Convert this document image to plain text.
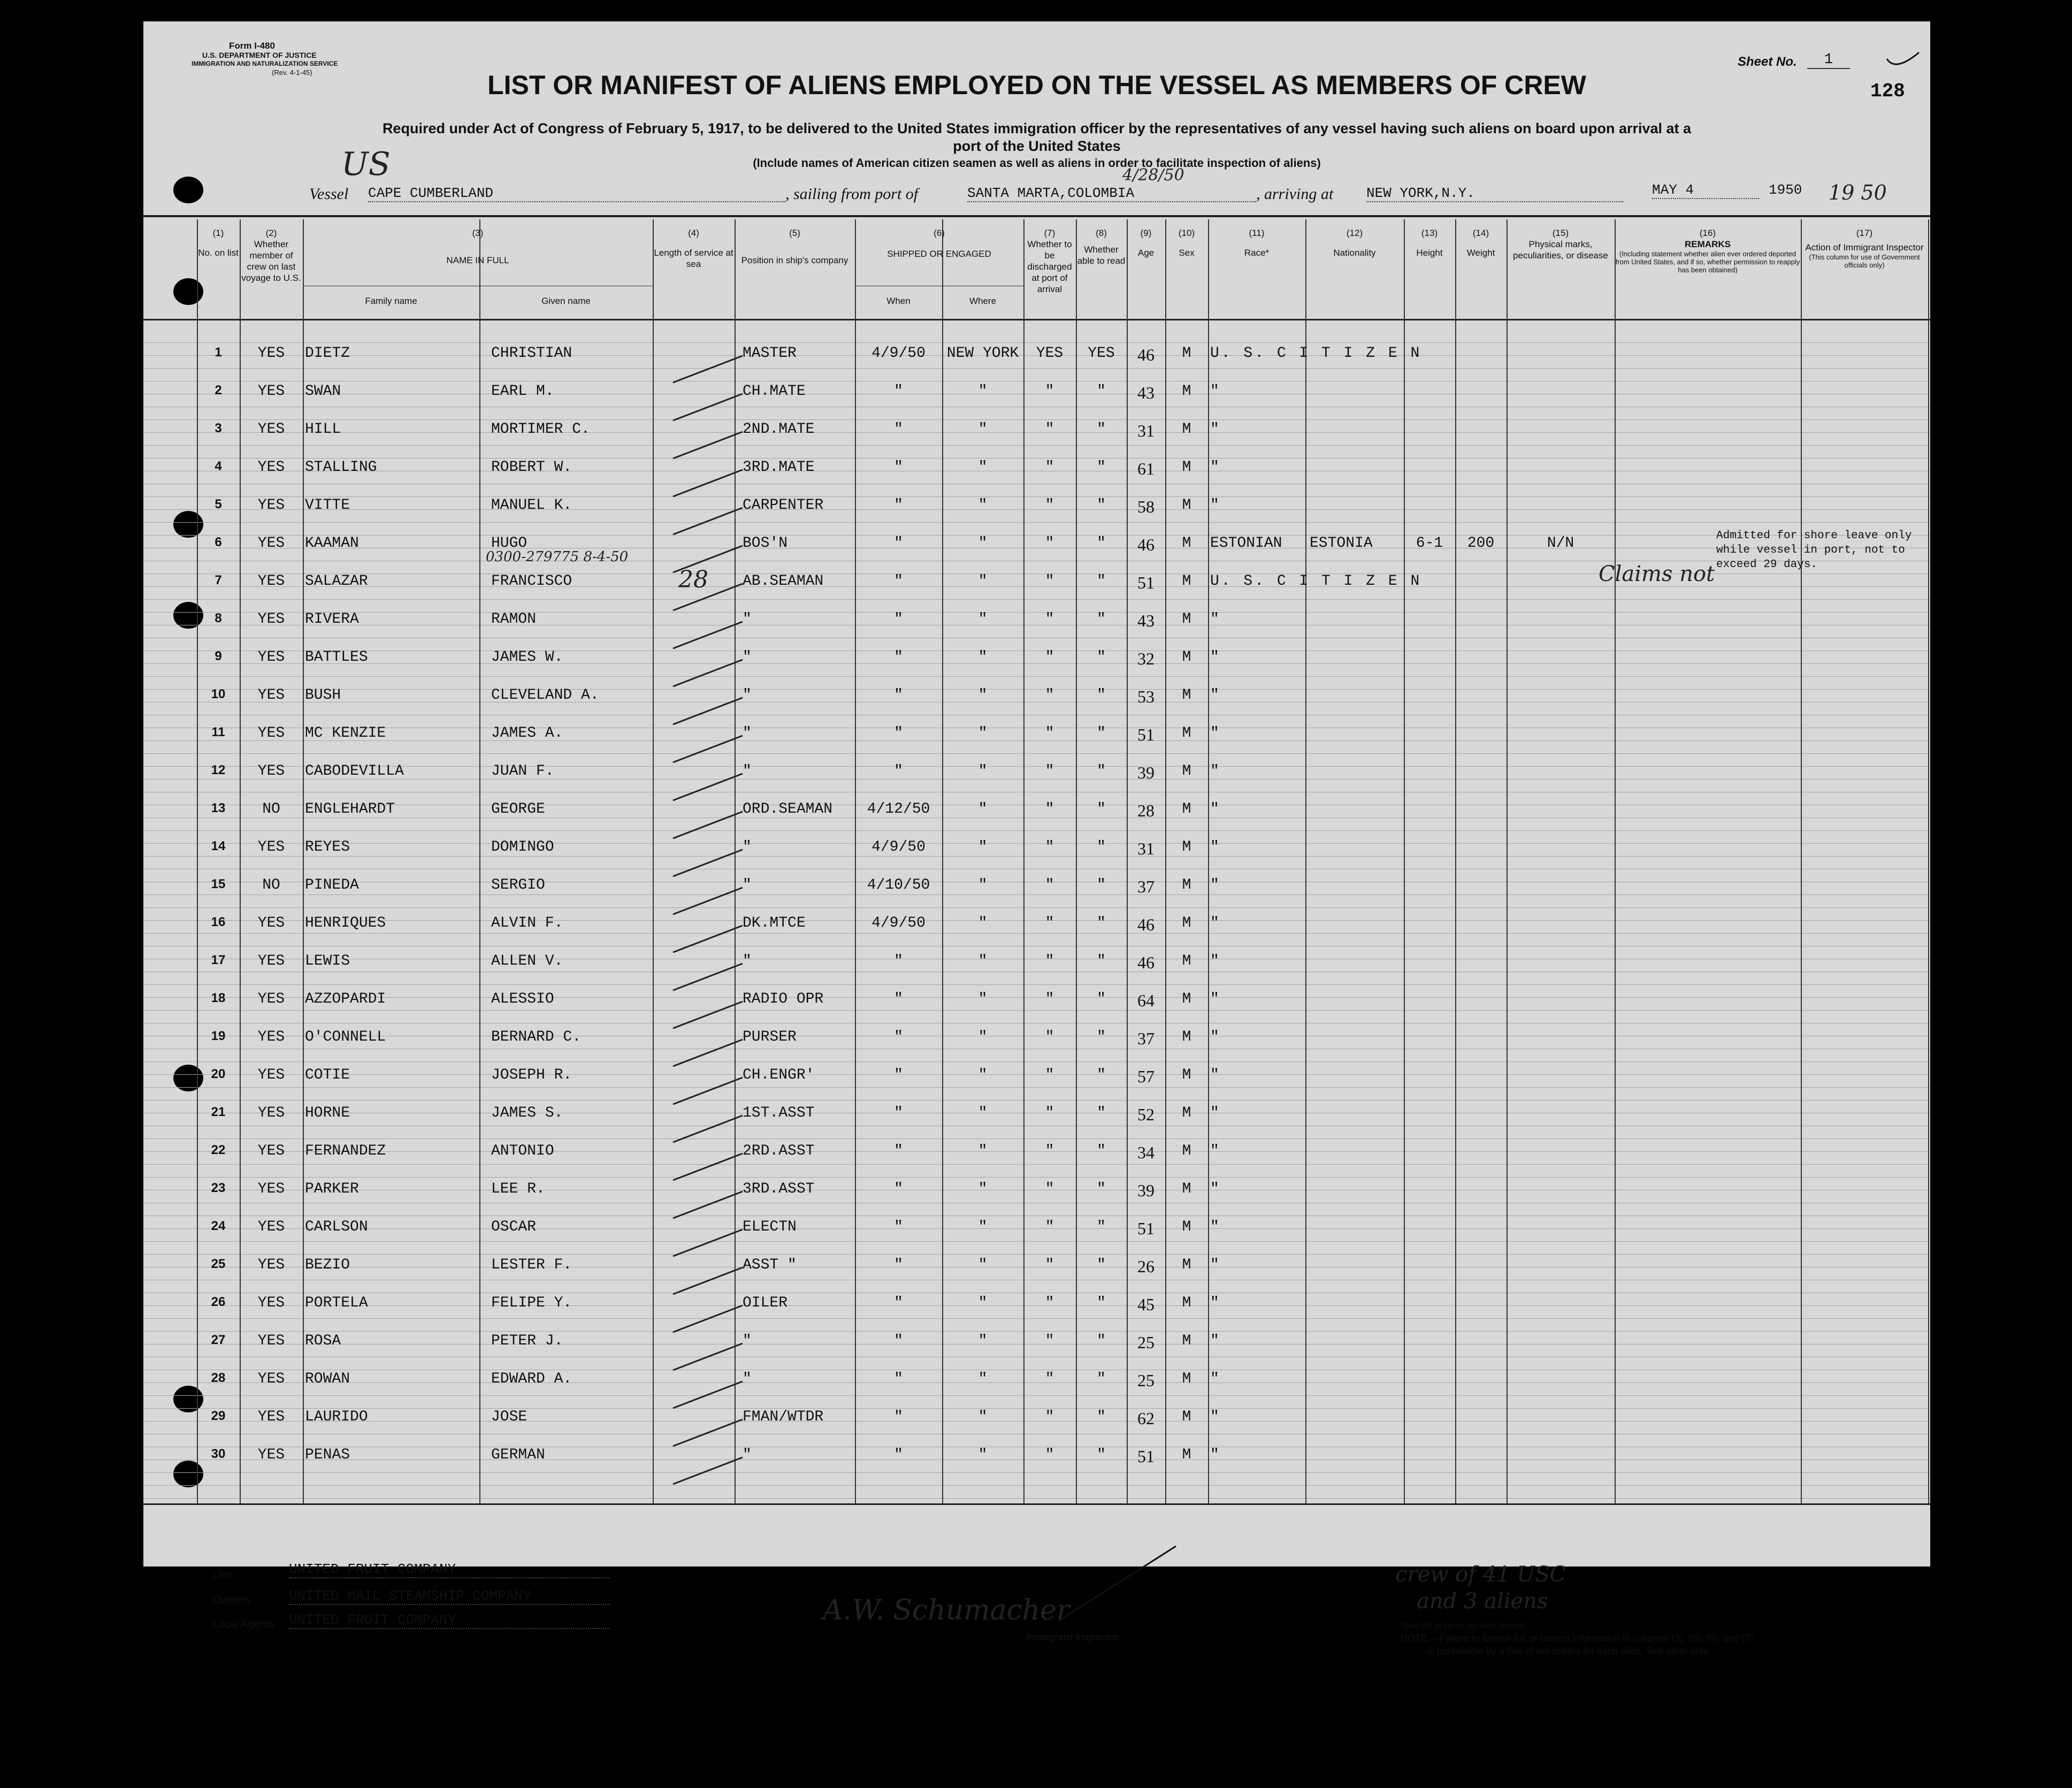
Form I-480
U.S. DEPARTMENT OF JUSTICE
IMMIGRATION AND NATURALIZATION SERVICE
(Rev. 4-1-45)
Sheet No.	1
128
LIST OR MANIFEST OF ALIENS EMPLOYED ON THE VESSEL AS MEMBERS OF CREW
Required under Act of Congress of February 5, 1917, to be delivered to the United States immigration officer by the representatives of any vessel having such aliens on board upon arrival at a
port of the United States
(Include names of American citizen seamen as well as aliens in order to facilitate inspection of aliens)
US
Vessel CAPE CUMBERLAND	, sailing from port of	SANTA MARTA,COLOMBIA
4/28/50
, arriving at NEW YORK,N.Y.	MAY 4	1950 19 50
(1)
No. on list
(2)
Whether member of crew on last voyage to U.S.
(3)
NAME IN FULL
Family name	Given name
(4)
Length of service at sea
(5)
Position in ship's company
(6)
SHIPPED OR ENGAGED
When	Where
(7)
Whether to be discharged at port of arrival
(8)
Whether able to read
(9)
Age
(10)
Sex
(11)
Race*
(12)
Nationality
(13)
Height
(14)
Weight
(15)
Physical marks, peculiarities, or disease
(16)
REMARKS
(Including statement whether alien ever ordered deported from United States, and if so, whether permission to reapply has been obtained)
(17)
Action of Immigrant Inspector
(This column for use of Government officials only)
1	YES	DIETZ	CHRISTIAN	MASTER	4/9/50	NEW YORK	YES	YES	46	M	U. S. C I T I Z E N
2	YES	SWAN	EARL M.	CH.MATE	"	"	"	"	43	M	"
3	YES	HILL	MORTIMER C.	2ND.MATE	"	"	"	"	31	M	"
4	YES	STALLING	ROBERT W.	3RD.MATE	"	"	"	"	61	M	"
5	YES	VITTE	MANUEL K.	CARPENTER	"	"	"	"	58	M	"
6	YES	KAAMAN	HUGO	BOS'N	"	"	"	"	46	M	ESTONIAN	ESTONIA	6-1	200	N/N
7	YES	SALAZAR	FRANCISCO	AB.SEAMAN	"	"	"	"	51	M	U. S. C I T I Z E N
8	YES	RIVERA	RAMON	"	"	"	"	"	43	M	"
9	YES	BATTLES	JAMES W.	"	"	"	"	"	32	M	"
10	YES	BUSH	CLEVELAND A.	"	"	"	"	"	53	M	"
11	YES	MC KENZIE	JAMES A.	"	"	"	"	"	51	M	"
12	YES	CABODEVILLA	JUAN F.	"	"	"	"	"	39	M	"
13	NO	ENGLEHARDT	GEORGE	ORD.SEAMAN	4/12/50	"	"	"	28	M	"
14	YES	REYES	DOMINGO	"	4/9/50	"	"	"	31	M	"
15	NO	PINEDA	SERGIO	"	4/10/50	"	"	"	37	M	"
16	YES	HENRIQUES	ALVIN F.	DK.MTCE	4/9/50	"	"	"	46	M	"
17	YES	LEWIS	ALLEN V.	"	"	"	"	"	46	M	"
18	YES	AZZOPARDI	ALESSIO	RADIO OPR	"	"	"	"	64	M	"
19	YES	O'CONNELL	BERNARD C.	PURSER	"	"	"	"	37	M	"
20	YES	COTIE	JOSEPH R.	CH.ENGR'	"	"	"	"	57	M	"
21	YES	HORNE	JAMES S.	1ST.ASST	"	"	"	"	52	M	"
22	YES	FERNANDEZ	ANTONIO	2RD.ASST	"	"	"	"	34	M	"
23	YES	PARKER	LEE R.	3RD.ASST	"	"	"	"	39	M	"
24	YES	CARLSON	OSCAR	ELECTN	"	"	"	"	51	M	"
25	YES	BEZIO	LESTER F.	ASST "	"	"	"	"	26	M	"
26	YES	PORTELA	FELIPE Y.	OILER	"	"	"	"	45	M	"
27	YES	ROSA	PETER J.	"	"	"	"	"	25	M	"
28	YES	ROWAN	EDWARD A.	"	"	"	"	"	25	M	"
29	YES	LAURIDO	JOSE	FMAN/WTDR	"	"	"	"	62	M	"
30	YES	PENAS	GERMAN	"	"	"	"	"	51	M	"
0300-279775 8-4-50
28	Claims not
Admitted for shore leave only while vessel in port, not to exceed 29 days.
Line	UNITED FRUIT COMPANY
Owners	UNITED MAIL STEAMSHIP COMPANY
Local Agents UNITED FRUIT COMPANY	A.W. Schumacher
Immigrant Inspector.
crew of 41 USC
and 3 aliens
*See list of races on back hereof.
NOTE.—Failure to furnish full or correct information in columns (3), (5), (6), and (7)
is punishable by a fine of ten dollars for each alien. See other side.
